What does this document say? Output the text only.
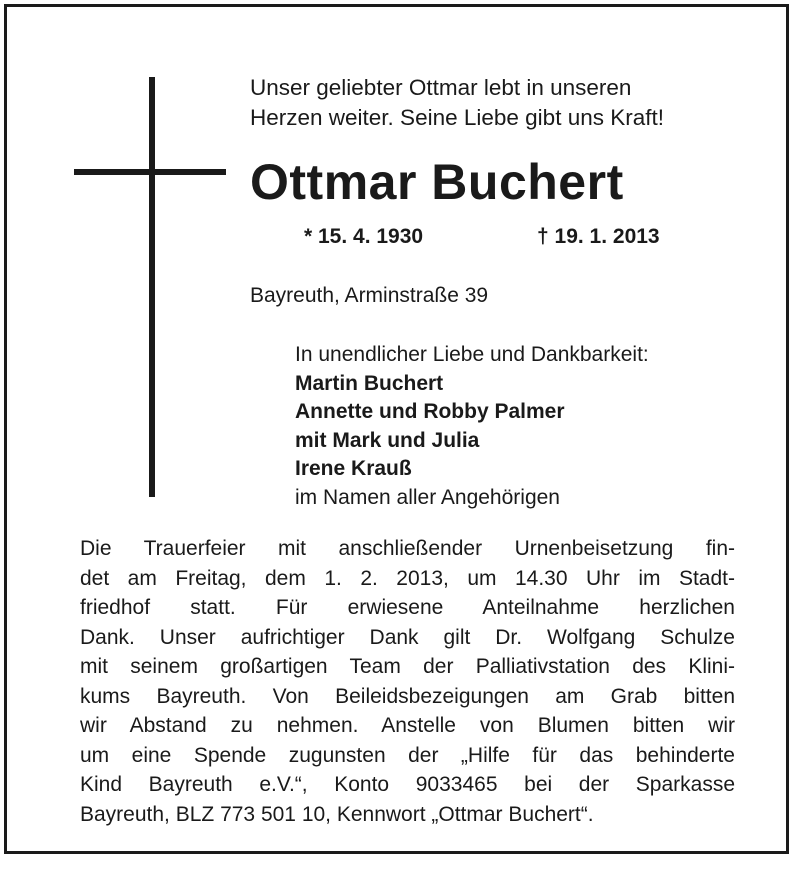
Unser geliebter Ottmar lebt in unseren
Herzen weiter. Seine Liebe gibt uns Kraft!
Ottmar Buchert
* 15. 4. 1930	† 19. 1. 2013
Bayreuth, Arminstraße 39
In unendlicher Liebe und Dankbarkeit:
Martin Buchert
Annette und Robby Palmer
mit Mark und Julia
Irene Krauß
im Namen aller Angehörigen
Die Trauerfeier mit anschließender Urnenbeisetzung fin-
det am Freitag, dem 1. 2. 2013, um 14.30 Uhr im Stadt-
friedhof statt. Für erwiesene Anteilnahme herzlichen
Dank. Unser aufrichtiger Dank gilt Dr. Wolfgang Schulze
mit seinem großartigen Team der Palliativstation des Klini-
kums Bayreuth. Von Beileidsbezeigungen am Grab bitten
wir Abstand zu nehmen. Anstelle von Blumen bitten wir
um eine Spende zugunsten der „Hilfe für das behinderte
Kind Bayreuth e.V.“, Konto 9033465 bei der Sparkasse
Bayreuth, BLZ 773 501 10, Kennwort „Ottmar Buchert“.
